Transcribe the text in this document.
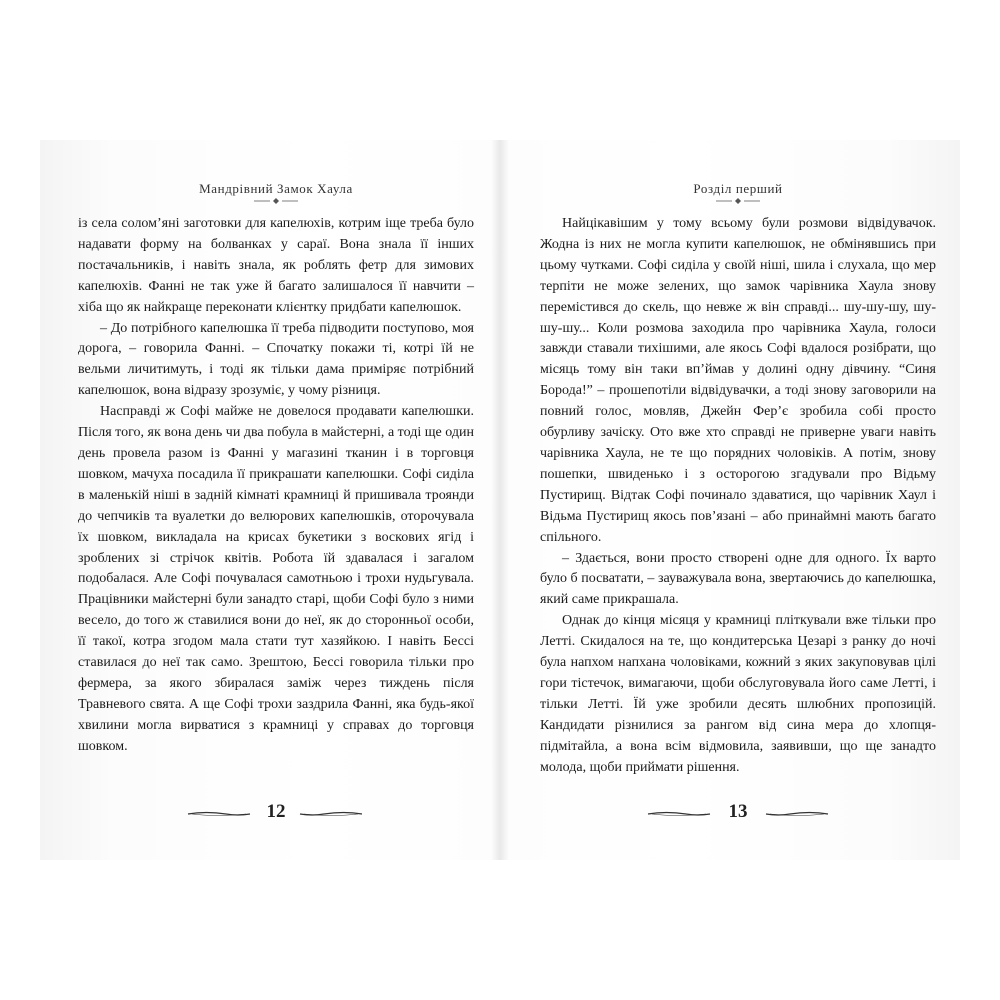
Мандрівний Замок Хаула

із села солом’яні заготовки для капелюхів, котрим іще треба було надавати форму на болванках у сараї. Вона знала її інших постачальників, і навіть знала, як роблять фетр для зимових капелюхів. Фанні не так уже й багато залишалося її навчити – хіба що як найкраще переконати клієнтку придбати капелюшок.

– До потрібного капелюшка її треба підводити поступово, моя дорога, – говорила Фанні. – Спочатку покажи ті, котрі їй не вельми личитимуть, і тоді як тільки дама приміряє потрібний капелюшок, вона відразу зрозуміє, у чому різниця.

Насправді ж Софі майже не довелося продавати капелюшки. Після того, як вона день чи два побула в майстерні, а тоді ще один день провела разом із Фанні у магазині тканин і в торговця шовком, мачуха посадила її прикрашати капелюшки. Софі сиділа в маленькій ніші в задній кімнаті крамниці й пришивала троянди до чепчиків та вуалетки до велюрових капелюшків, оторочувала їх шовком, викладала на крисах букетики з воскових ягід і зроблених зі стрічок квітів. Робота їй здавалася і загалом подобалася. Але Софі почувалася самотньою і трохи нудьгувала. Працівники майстерні були занадто старі, щоби Софі було з ними весело, до того ж ставилися вони до неї, як до сторонньої особи, її такої, котра згодом мала стати тут хазяйкою. І навіть Бессі ставилася до неї так само. Зрештою, Бессі говорила тільки про фермера, за якого збиралася заміж через тиждень після Травневого свята. А ще Софі трохи заздрила Фанні, яка будь-якої хвилини могла вирватися з крамниці у справах до торговця шовком.

12
Розділ перший

Найцікавішим у тому всьому були розмови відвідувачок. Жодна із них не могла купити капелюшок, не обмінявшись при цьому чутками. Софі сиділа у своїй ніші, шила і слухала, що мер терпіти не може зелених, що замок чарівника Хаула знову перемістився до скель, що невже ж він справді... шу-шу-шу, шу-шу-шу... Коли розмова заходила про чарівника Хаула, голоси завжди ставали тихішими, але якось Софі вдалося розібрати, що місяць тому він таки вп’ймав у долині одну дівчину. “Синя Борода!” – прошепотіли відвідувачки, а тоді знову заговорили на повний голос, мовляв, Джейн Фер’є зробила собі просто обурливу зачіску. Ото вже хто справді не приверне уваги навіть чарівника Хаула, не те що порядних чоловіків. А потім, знову пошепки, швиденько і з осторогою згадували про Відьму Пустирищ. Відтак Софі починало здаватися, що чарівник Хаул і Відьма Пустирищ якось пов’язані – або принаймні мають багато спільного.

– Здається, вони просто створені одне для одного. Їх варто було б посватати, – зауважувала вона, звертаючись до капелюшка, який саме прикрашала.

Однак до кінця місяця у крамниці пліткували вже тільки про Летті. Скидалося на те, що кондитерська Цезарі з ранку до ночі була напхом напхана чоловіками, кожний з яких закуповував цілі гори тістечок, вимагаючи, щоби обслуговувала його саме Летті, і тільки Летті. Їй уже зробили десять шлюбних пропозицій. Кандидати різнилися за рангом від сина мера до хлопця-підмітайла, а вона всім відмовила, заявивши, що ще занадто молода, щоби приймати рішення.

13
